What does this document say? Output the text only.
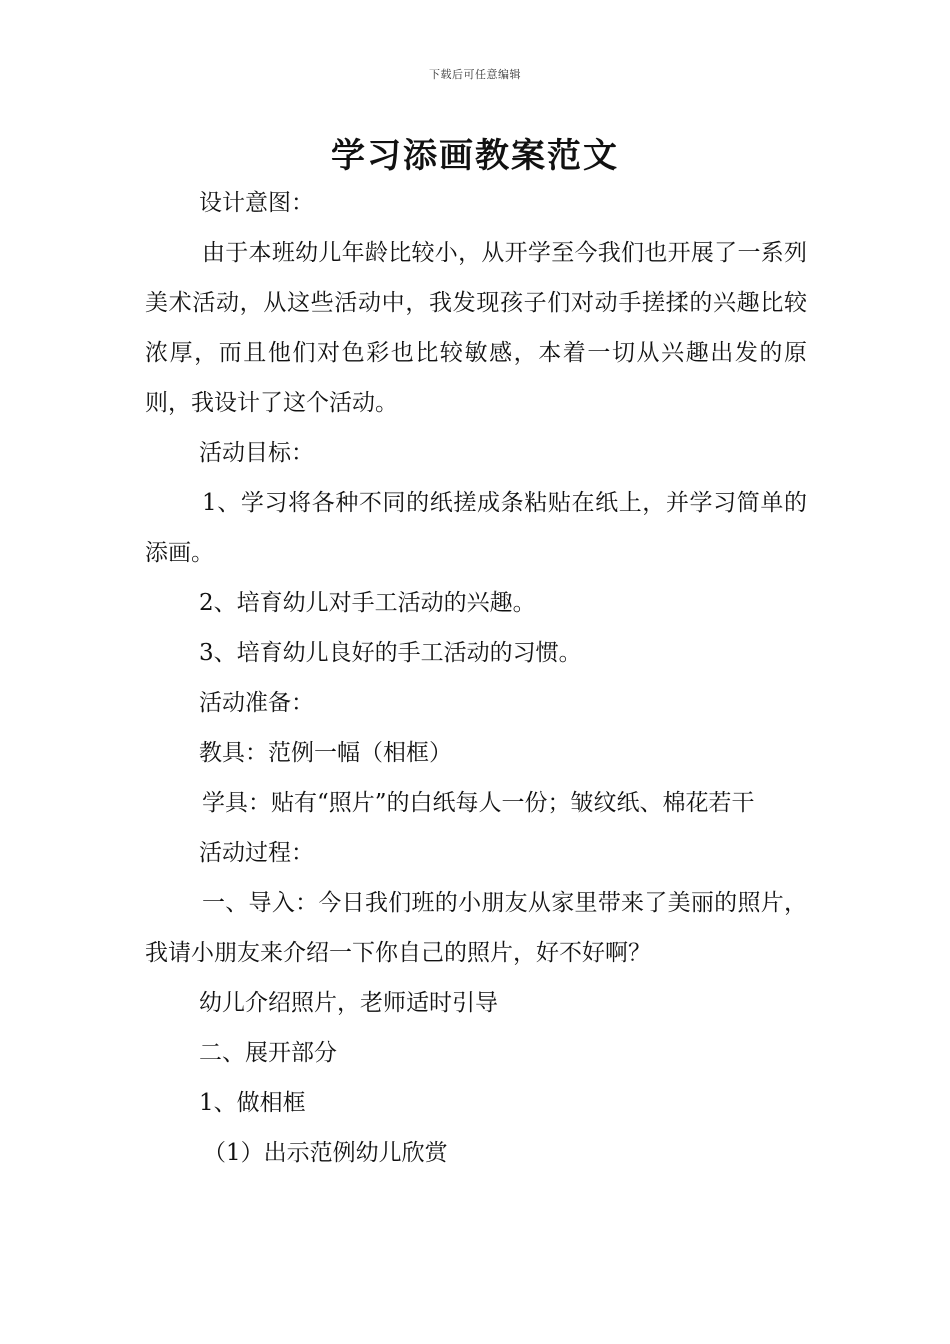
下载后可任意编辑
学习添画教案范文

设计意图：

由于本班幼儿年龄比较小，从开学至今我们也开展了一系列美术活动，从这些活动中，我发现孩子们对动手搓揉的兴趣比较浓厚，而且他们对色彩也比较敏感，本着一切从兴趣出发的原则，我设计了这个活动。

活动目标：

1、学习将各种不同的纸搓成条粘贴在纸上，并学习简单的添画。

2、培育幼儿对手工活动的兴趣。

3、培育幼儿良好的手工活动的习惯。

活动准备：

教具：范例一幅（相框）

学具：贴有“照片”的白纸每人一份；皱纹纸、棉花若干

活动过程：

一、导入：今日我们班的小朋友从家里带来了美丽的照片，我请小朋友来介绍一下你自己的照片，好不好啊？

幼儿介绍照片，老师适时引导

二、展开部分

1、做相框

（1）出示范例幼儿欣赏
